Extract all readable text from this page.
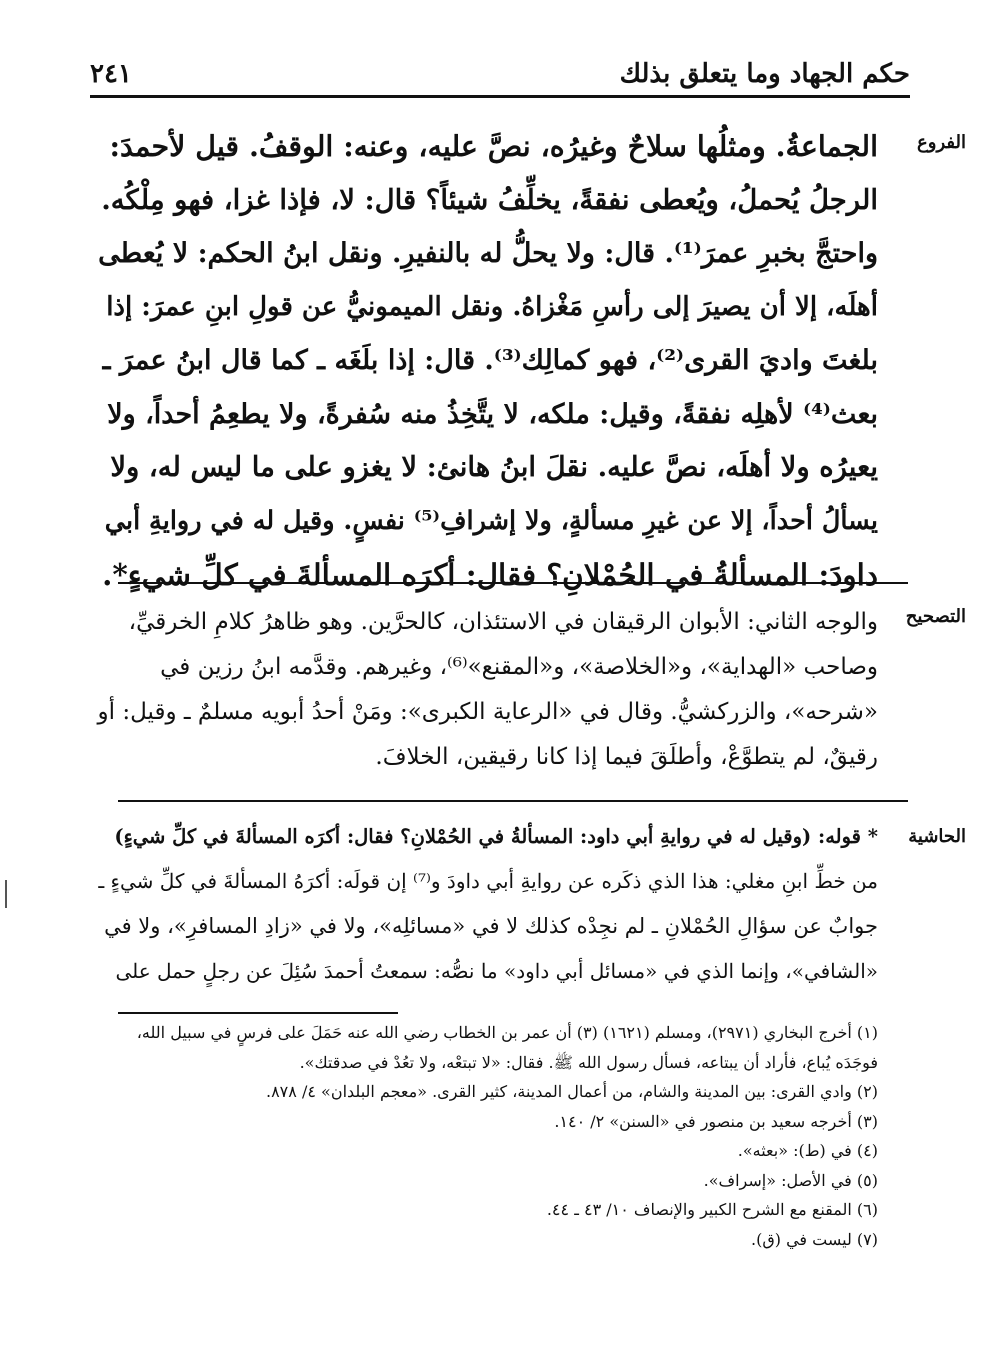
حكم الجهاد وما يتعلق بذلك
٢٤١
الفروع
الجماعةُ. ومثلُها سلاحٌ وغيرُه، نصَّ عليه، وعنه: الوقفُ. قيل لأحمدَ:
الرجلُ يُحملُ، ويُعطى نفقةً، يخلِّفُ شيئاً؟ قال: لا، فإذا غزا، فهو مِلْكُه.
واحتجَّ بخبرِ عمرَ⁽¹⁾. قال: ولا يحلُّ له بالنفيرِ. ونقل ابنُ الحكم: لا يُعطى
أهلَه، إلا أن يصيرَ إلى رأسِ مَغْزاهُ. ونقل الميمونيُّ عن قولِ ابنِ عمرَ: إذا
بلغتَ واديَ القرى⁽²⁾، فهو كمالِك⁽³⁾. قال: إذا بلَغَه ـ كما قال ابنُ عمرَ ـ
بعث⁽⁴⁾ لأهلِه نفقةً، وقيل: ملكه، لا يتَّخِذُ منه سُفرةً، ولا يطعِمُ أحداً، ولا
يعيرُه ولا أهلَه، نصَّ عليه. نقلَ ابنُ هانئ: لا يغزو على ما ليس له، ولا
يسألُ أحداً، إلا عن غيرِ مسألةٍ، ولا إشرافِ⁽⁵⁾ نفسٍ. وقيل له في روايةِ أبي
داودَ: المسألةُ في الحُمْلانِ؟ فقال: أكرَه المسألةَ في كلِّ شيءٍ*.
التصحيح
والوجه الثاني: الأبوان الرقيقان في الاستئذان، كالحرَّين. وهو ظاهرُ كلامِ الخرقيِّ،
وصاحب «الهداية»، و«الخلاصة»، و«المقنع»⁽⁶⁾، وغيرهم. وقدَّمه ابنُ رزين في
«شرحه»، والزركشيُّ. وقال في «الرعاية الكبرى»: ومَنْ أحدُ أبويه مسلمٌ ـ وقيل: أو
رقيقٌ، لم يتطوَّعْ، وأطلَقَ فيما إذا كانا رقيقين، الخلافَ.
الحاشية
* قوله: (وقيل له في روايةِ أبي داود: المسألةُ في الحُمْلانِ؟ فقال: أكرَه المسألةَ في كلِّ شيءٍ)
من خطِّ ابنِ مغلي: هذا الذي ذكَره عن روايةِ أبي داودَ و⁽⁷⁾ إن قولَه: أكرَهُ المسألةَ في كلِّ شيءٍ ـ
جوابٌ عن سؤالِ الحُمْلانِ ـ لم نجِدْه كذلك لا في «مسائلِه»، ولا في «زادِ المسافرِ»، ولا في
«الشافي»، وإنما الذي في «مسائل أبي داود» ما نصُّه: سمعتُ أحمدَ سُئِلَ عن رجلٍ حمل على
(١) أخرج البخاري (٢٩٧١)، ومسلم (١٦٢١) (٣) أن عمر بن الخطاب رضي الله عنه حَمَلَ على فرسٍ في سبيل الله،
فوجَدَه يُباع، فأراد أن يبتاعه، فسأل رسول الله ﷺ. فقال: «لا تبتعْه، ولا تعُدْ في صدقتك».
(٢) وادي القرى: بين المدينة والشام، من أعمال المدينة، كثير القرى. «معجم البلدان» ٤/ ٨٧٨.
(٣) أخرجه سعيد بن منصور في «السنن» ٢/ ١٤٠.
(٤) في (ط): «بعثه».
(٥) في الأصل: «إسراف».
(٦) المقنع مع الشرح الكبير والإنصاف ١٠/ ٤٣ ـ ٤٤.
(٧) ليست في (ق).
